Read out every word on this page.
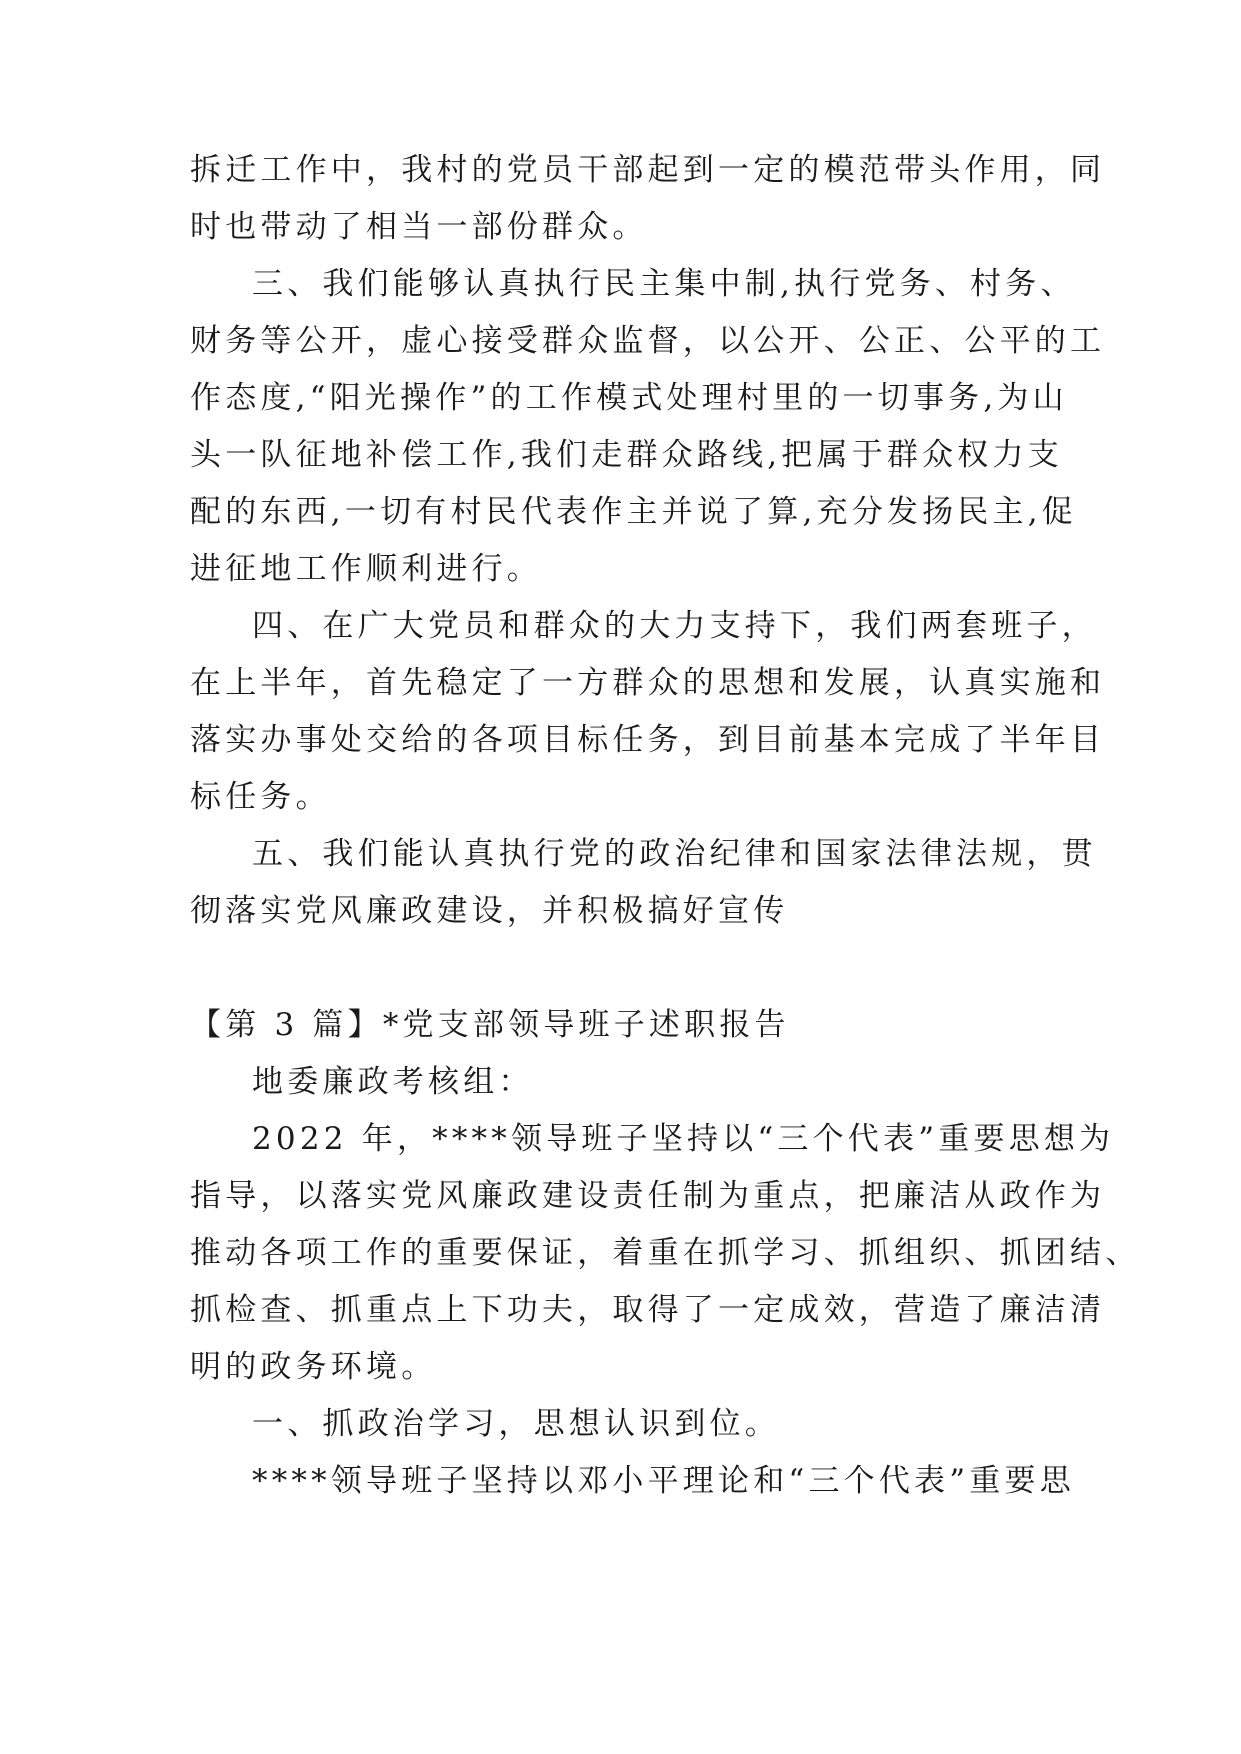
拆迁工作中，我村的党员干部起到一定的模范带头作用，同
时也带动了相当一部份群众。
三、我们能够认真执行民主集中制,执行党务、村务、
财务等公开，虚心接受群众监督，以公开、公正、公平的工
作态度,“阳光操作”的工作模式处理村里的一切事务,为山
头一队征地补偿工作,我们走群众路线,把属于群众权力支
配的东西,一切有村民代表作主并说了算,充分发扬民主,促
进征地工作顺利进行。
四、在广大党员和群众的大力支持下，我们两套班子，
在上半年，首先稳定了一方群众的思想和发展，认真实施和
落实办事处交给的各项目标任务，到目前基本完成了半年目
标任务。
五、我们能认真执行党的政治纪律和国家法律法规，贯
彻落实党风廉政建设，并积极搞好宣传
【第 3 篇】*党支部领导班子述职报告
地委廉政考核组：
2022 年，****领导班子坚持以“三个代表”重要思想为
指导，以落实党风廉政建设责任制为重点，把廉洁从政作为
推动各项工作的重要保证，着重在抓学习、抓组织、抓团结、
抓检查、抓重点上下功夫，取得了一定成效，营造了廉洁清
明的政务环境。
一、抓政治学习，思想认识到位。
****领导班子坚持以邓小平理论和“三个代表”重要思
